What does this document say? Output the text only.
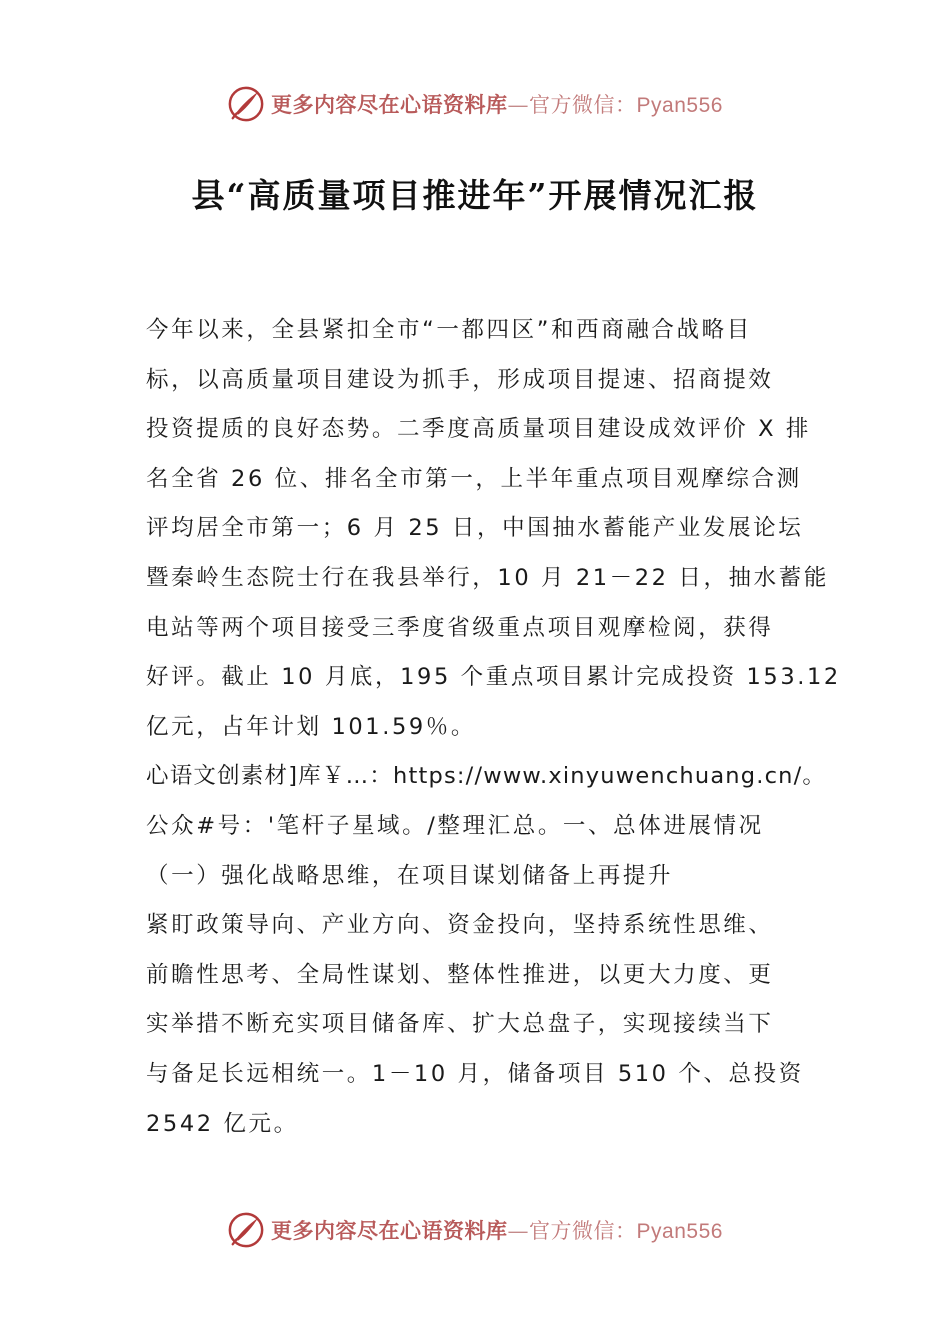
更多内容尽在心语资料库—官方微信：Pyan556
县“高质量项目推进年”开展情况汇报
今年以来，全县紧扣全市“一都四区”和西商融合战略目
标，以高质量项目建设为抓手，形成项目提速、招商提效
投资提质的良好态势。二季度高质量项目建设成效评价 X 排
名全省 26 位、排名全市第一，上半年重点项目观摩综合测
评均居全市第一；6 月 25 日，中国抽水蓄能产业发展论坛
暨秦岭生态院士行在我县举行，10 月 21－22 日，抽水蓄能
电站等两个项目接受三季度省级重点项目观摩检阅，获得
好评。截止 10 月底，195 个重点项目累计完成投资 153.12
亿元，占年计划 101.59％。
心语文创素材]库￥…：https://www.xinyuwenchuang.cn/。
公众#号：'笔杆子星域。/整理汇总。一、总体进展情况
（一）强化战略思维，在项目谋划储备上再提升
紧盯政策导向、产业方向、资金投向，坚持系统性思维、
前瞻性思考、全局性谋划、整体性推进，以更大力度、更
实举措不断充实项目储备库、扩大总盘子，实现接续当下
与备足长远相统一。1－10 月，储备项目 510 个、总投资
2542 亿元。
更多内容尽在心语资料库—官方微信：Pyan556
